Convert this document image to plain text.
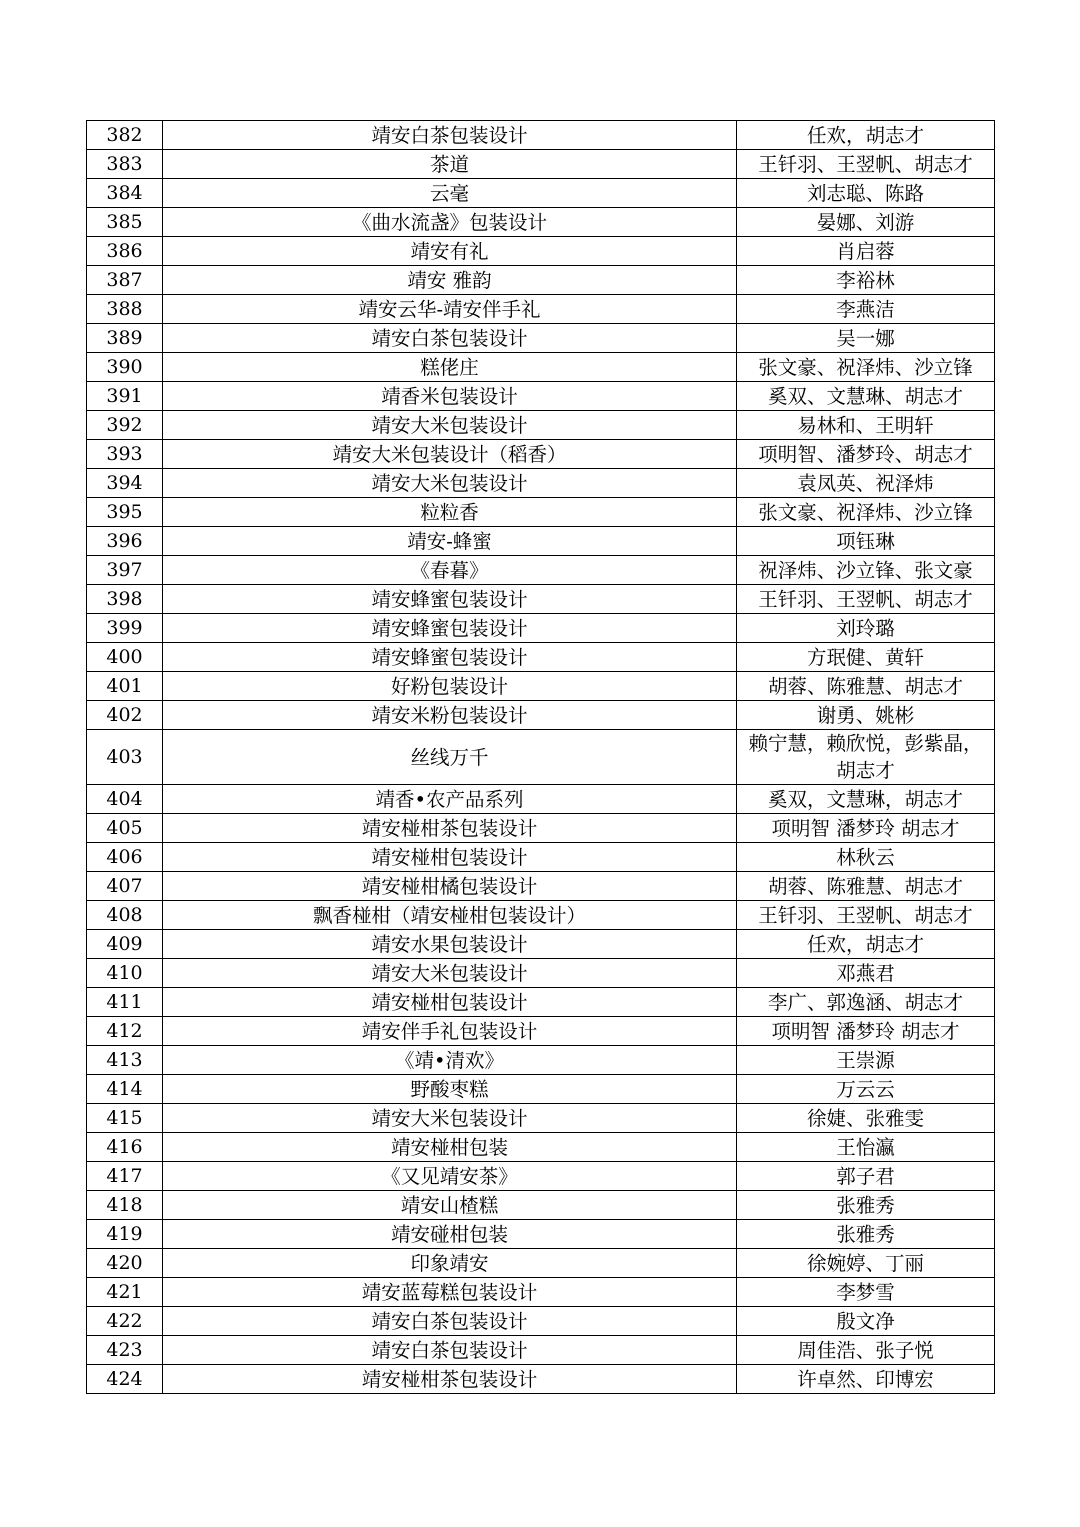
382	靖安白茶包装设计	任欢，胡志才
383	茶道	王钎羽、王翌帆、胡志才
384	云毫	刘志聪、陈路
385	《曲水流盏》包装设计	晏娜、刘游
386	靖安有礼	肖启蓉
387	靖安 雅韵	李裕林
388	靖安云华-靖安伴手礼	李燕洁
389	靖安白茶包装设计	吴一娜
390	糕佬庄	张文豪、祝泽炜、沙立锋
391	靖香米包装设计	奚双、文慧琳、胡志才
392	靖安大米包装设计	易林和、王明轩
393	靖安大米包装设计（稻香）	项明智、潘梦玲、胡志才
394	靖安大米包装设计	袁凤英、祝泽炜
395	粒粒香	张文豪、祝泽炜、沙立锋
396	靖安-蜂蜜	项钰琳
397	《春暮》	祝泽炜、沙立锋、张文豪
398	靖安蜂蜜包装设计	王钎羽、王翌帆、胡志才
399	靖安蜂蜜包装设计	刘玲璐
400	靖安蜂蜜包装设计	方珉健、黄轩
401	好粉包装设计	胡蓉、陈雅慧、胡志才
402	靖安米粉包装设计	谢勇、姚彬
403	丝线万千	赖宁慧，赖欣悦，彭紫晶，胡志才
404	靖香•农产品系列	奚双，文慧琳，胡志才
405	靖安椪柑茶包装设计	项明智 潘梦玲 胡志才
406	靖安椪柑包装设计	林秋云
407	靖安椪柑橘包装设计	胡蓉、陈雅慧、胡志才
408	飘香椪柑（靖安椪柑包装设计）	王钎羽、王翌帆、胡志才
409	靖安水果包装设计	任欢，胡志才
410	靖安大米包装设计	邓燕君
411	靖安椪柑包装设计	李广、郭逸涵、胡志才
412	靖安伴手礼包装设计	项明智 潘梦玲 胡志才
413	《靖•清欢》	王崇源
414	野酸枣糕	万云云
415	靖安大米包装设计	徐婕、张雅雯
416	靖安椪柑包装	王怡瀛
417	《又见靖安茶》	郭子君
418	靖安山楂糕	张雅秀
419	靖安碰柑包装	张雅秀
420	印象靖安	徐婉婷、丁丽
421	靖安蓝莓糕包装设计	李梦雪
422	靖安白茶包装设计	殷文净
423	靖安白茶包装设计	周佳浩、张子悦
424	靖安椪柑茶包装设计	许卓然、印博宏
